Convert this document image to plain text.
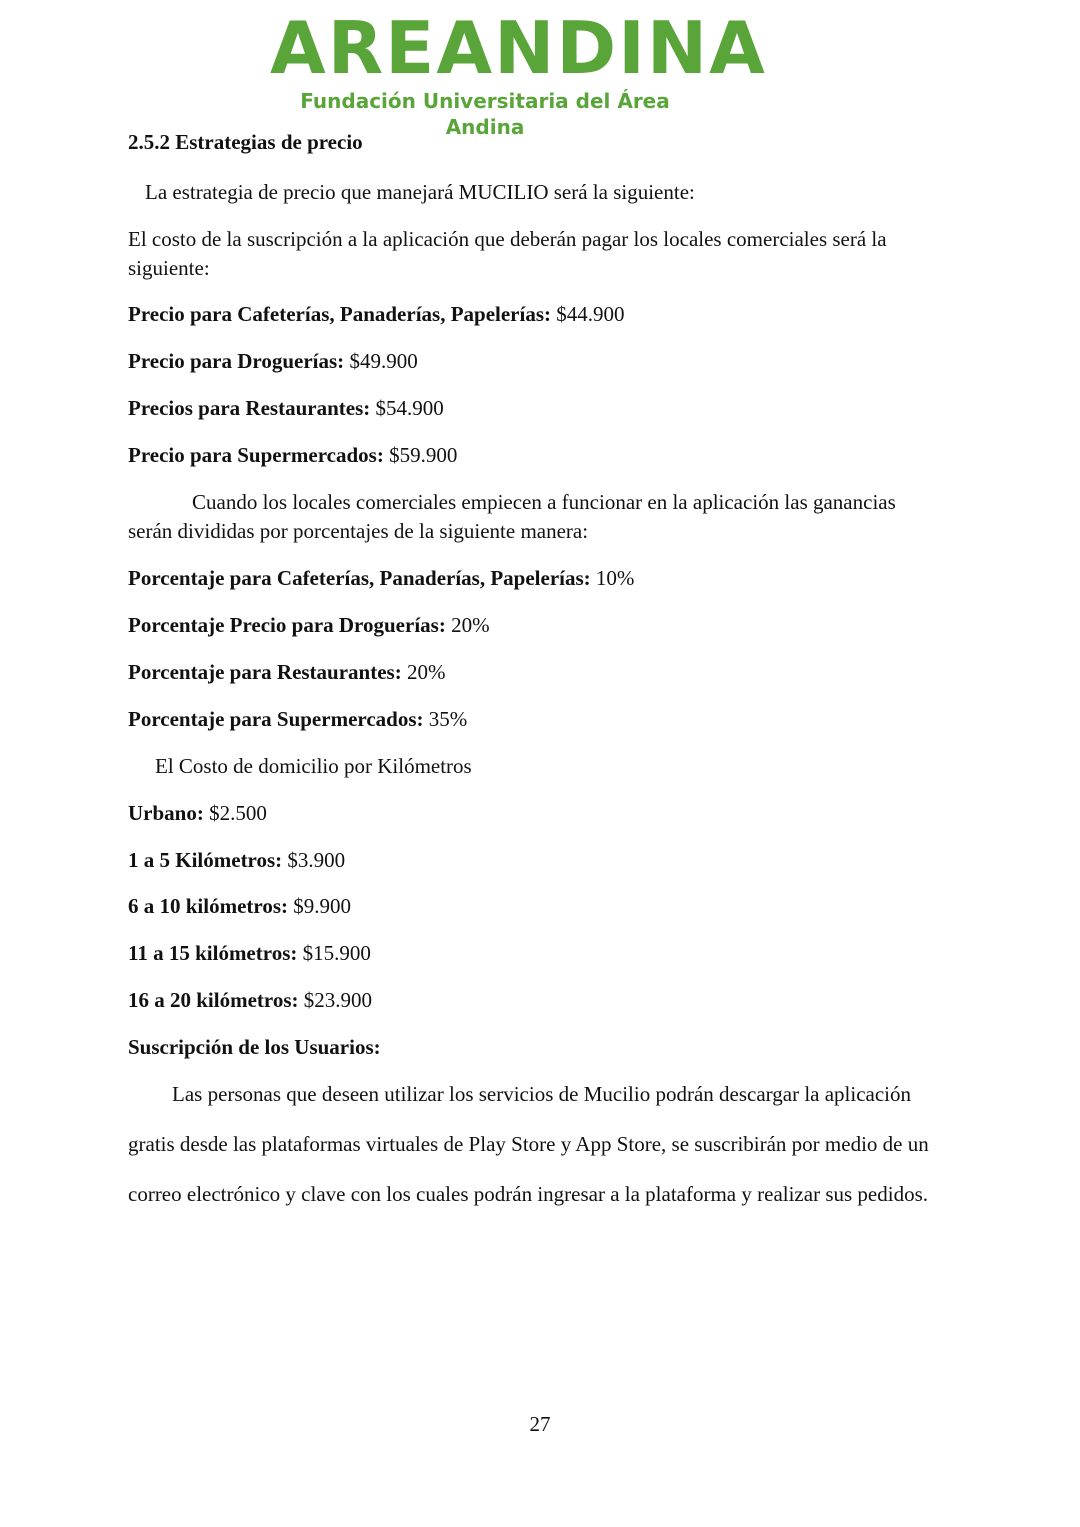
AREANDINA

Fundación Universitaria del Área Andina

2.5.2 Estrategias de precio

La estrategia de precio que manejará MUCILIO será la siguiente:

El costo de la suscripción a la aplicación que deberán pagar los locales comerciales será la siguiente:

Precio para Cafeterías, Panaderías, Papelerías: $44.900

Precio para Droguerías: $49.900

Precios para Restaurantes: $54.900

Precio para Supermercados: $59.900

Cuando los locales comerciales empiecen a funcionar en la aplicación las ganancias serán divididas por porcentajes de la siguiente manera:

Porcentaje para Cafeterías, Panaderías, Papelerías: 10%

Porcentaje Precio para Droguerías: 20%

Porcentaje para Restaurantes: 20%

Porcentaje para Supermercados: 35%

El Costo de domicilio por Kilómetros

Urbano: $2.500

1 a 5 Kilómetros: $3.900

6 a 10 kilómetros: $9.900

11 a 15 kilómetros: $15.900

16 a 20 kilómetros: $23.900

Suscripción de los Usuarios:

Las personas que deseen utilizar los servicios de Mucilio podrán descargar la aplicación gratis desde las plataformas virtuales de Play Store y App Store, se suscribirán por medio de un correo electrónico y clave con los cuales podrán ingresar a la plataforma y realizar sus pedidos.

27
